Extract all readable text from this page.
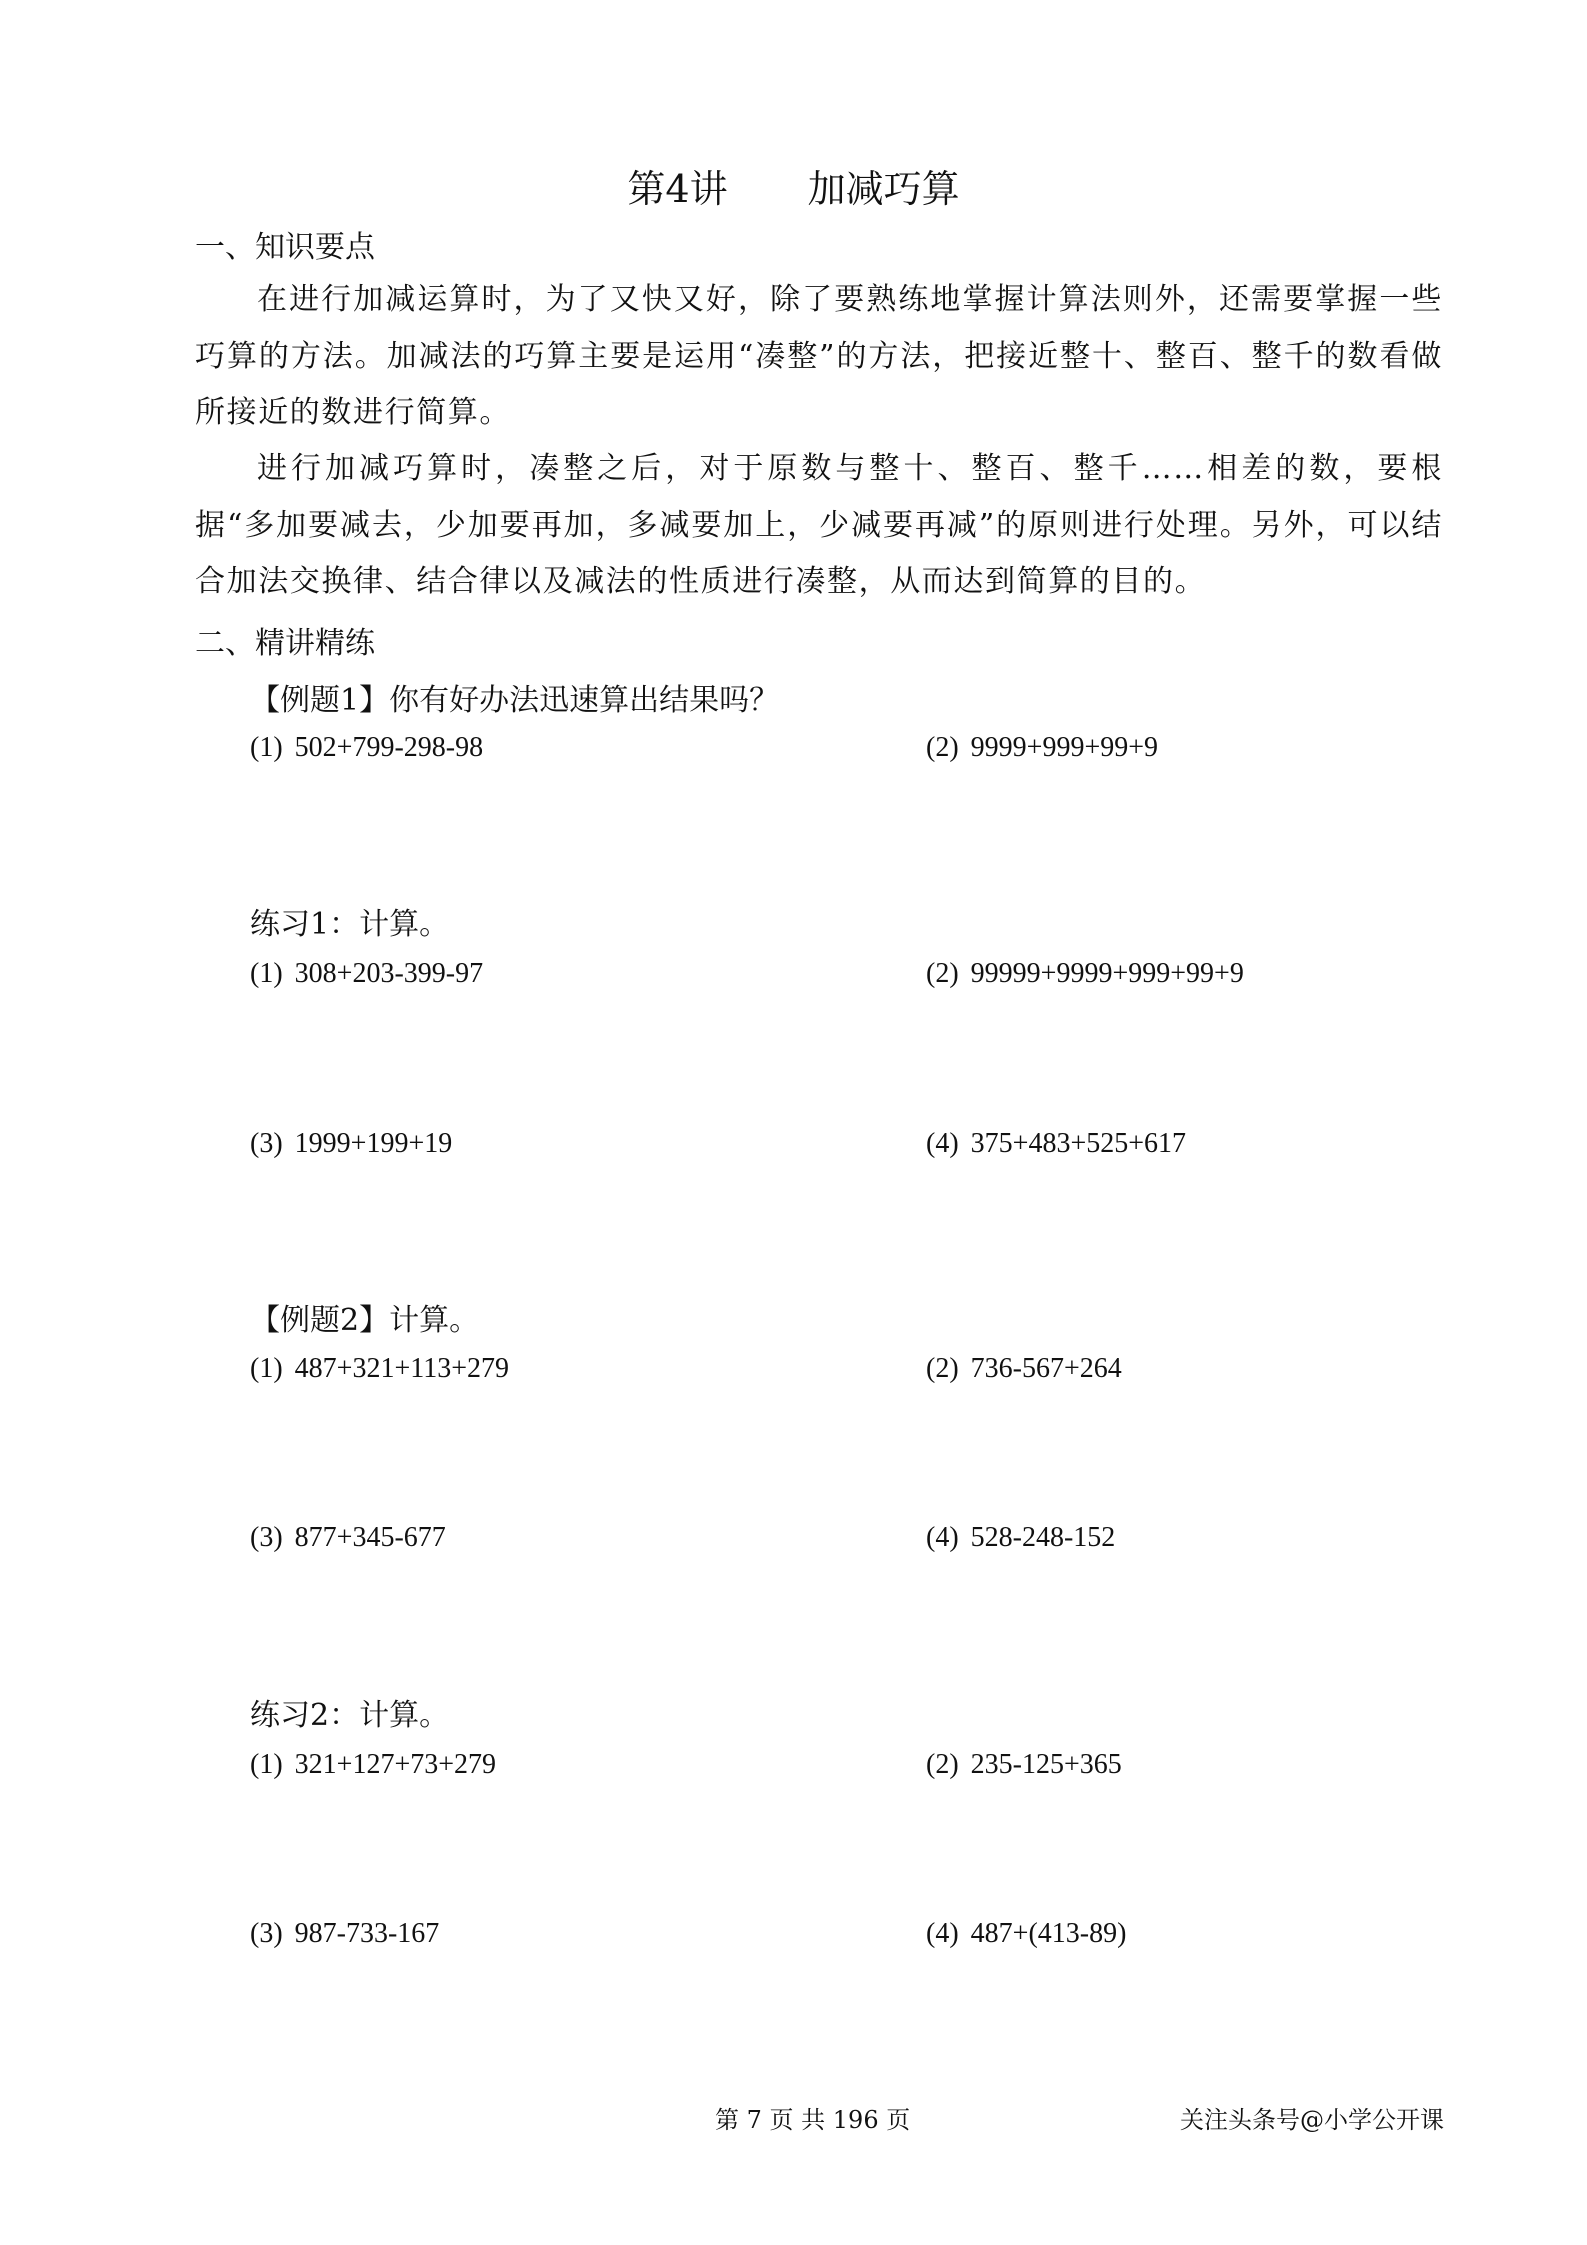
第4讲 加减巧算
一、知识要点
在进行加减运算时，为了又快又好，除了要熟练地掌握计算法则外，还需要掌握一些巧算的方法。加减法的巧算主要是运用“凑整”的方法，把接近整十、整百、整千的数看做所接近的数进行简算。
进行加减巧算时，凑整之后，对于原数与整十、整百、整千……相差的数，要根据“多加要减去，少加要再加，多减要加上，少减要再减”的原则进行处理。另外，可以结合加法交换律、结合律以及减法的性质进行凑整，从而达到简算的目的。
二、精讲精练
【例题1】你有好办法迅速算出结果吗？
(1) 502+799-298-98	(2) 9999+999+99+9
练习1：计算。
(1) 308+203-399-97	(2) 99999+9999+999+99+9
(3) 1999+199+19	(4) 375+483+525+617
【例题2】计算。
(1) 487+321+113+279	(2) 736-567+264
(3) 877+345-677	(4) 528-248-152
练习2：计算。
(1) 321+127+73+279	(2) 235-125+365
(3) 987-733-167	(4) 487+(413-89)
第 7 页 共 196 页	关注头条号@小学公开课
